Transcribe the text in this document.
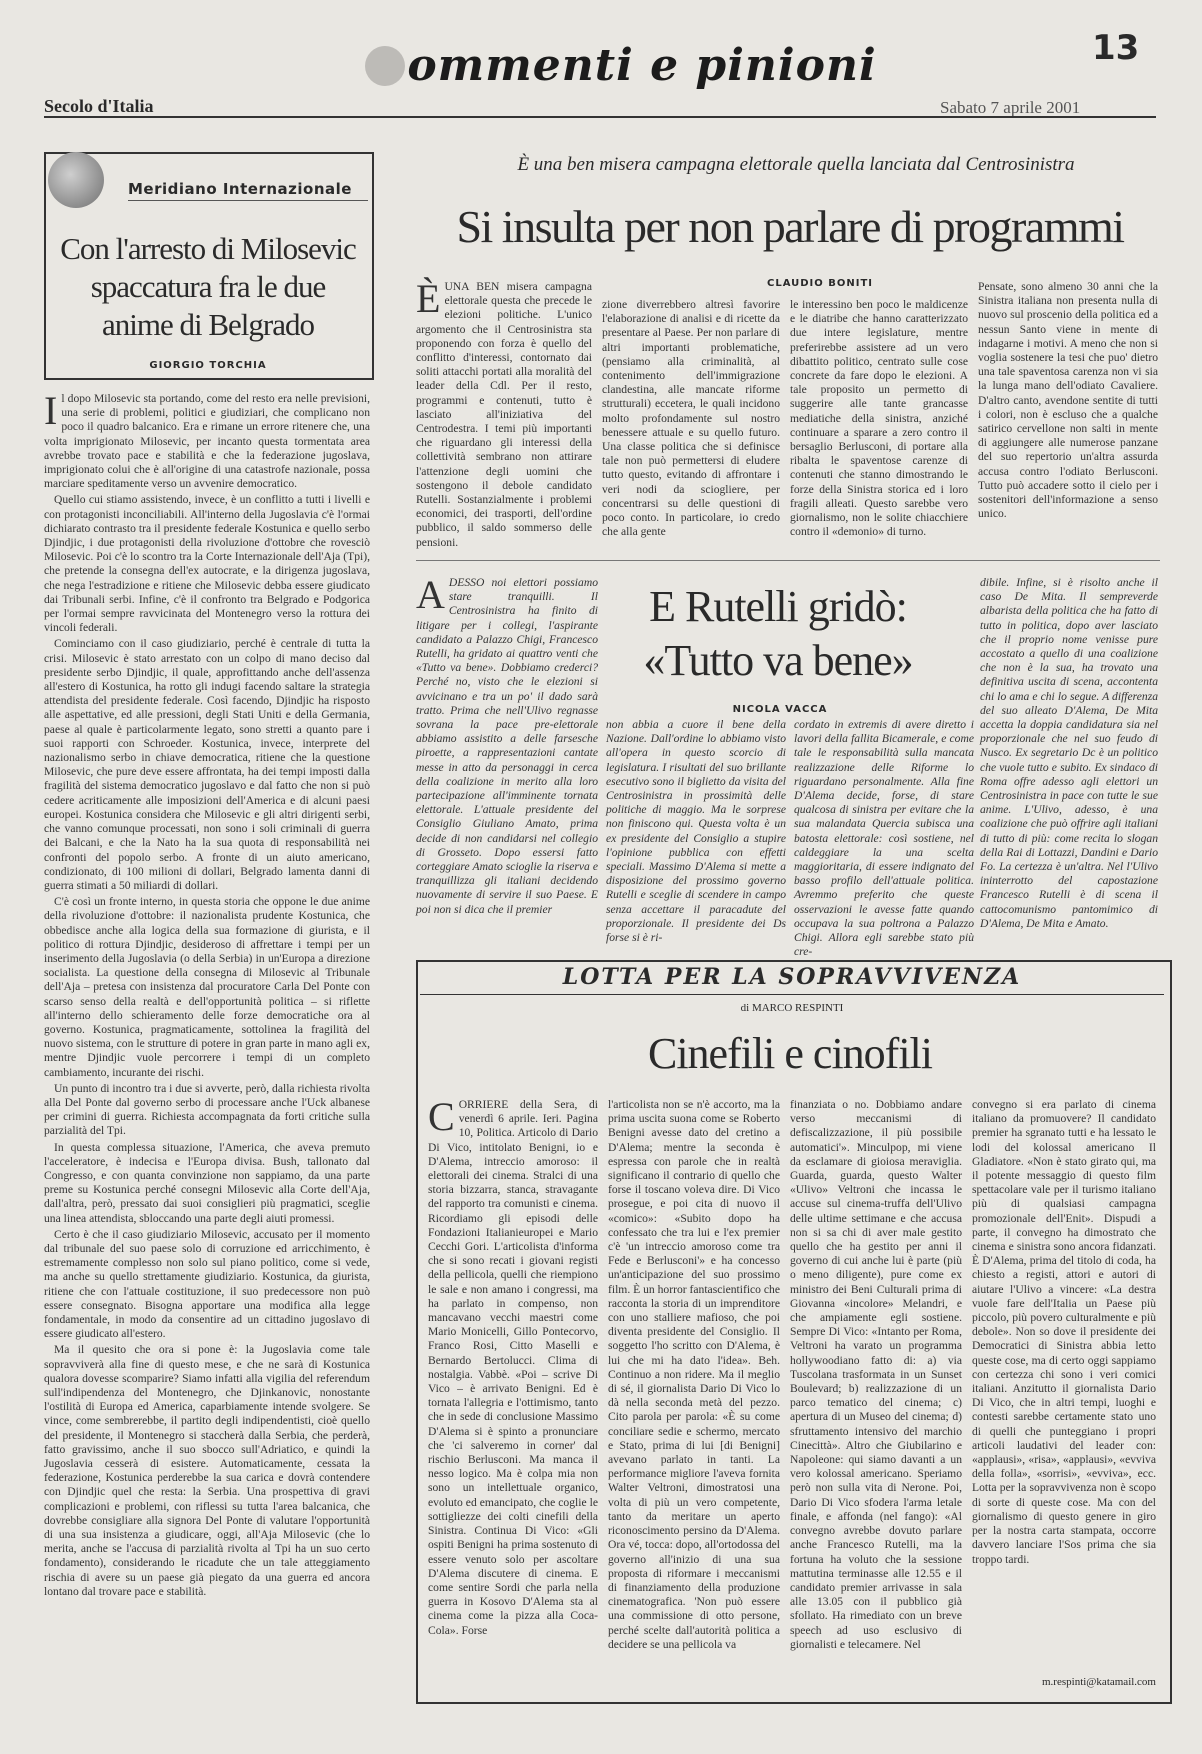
ommenti e pinioni	13
Secolo d'Italia	Sabato 7 aprile 2001
Meridiano Internazionale
Con l'arresto di Milosevic spaccatura fra le due anime di Belgrado
GIORGIO TORCHIA
I l dopo Milosevic sta portando, come del resto era nelle previsioni, una serie di problemi, politici e giudiziari, che complicano non poco il quadro balcanico. Era e rimane un errore ritenere che, una volta imprigionato Milosevic, per incanto questa tormentata area avrebbe trovato pace e stabilità e che la federazione jugoslava, imprigionato colui che è all'origine di una catastrofe nazionale, possa marciare speditamente verso un avvenire democratico.

Quello cui stiamo assistendo, invece, è un conflitto a tutti i livelli e con protagonisti inconciliabili. All'interno della Jugoslavia c'è l'ormai dichiarato contrasto tra il presidente federale Kostunica e quello serbo Djindjic, i due protagonisti della rivoluzione d'ottobre che rovesciò Milosevic. Poi c'è lo scontro tra la Corte Internazionale dell'Aja (Tpi), che pretende la consegna dell'ex autocrate, e la dirigenza jugoslava, che nega l'estradizione e ritiene che Milosevic debba essere giudicato dai Tribunali serbi. Infine, c'è il confronto tra Belgrado e Podgorica per l'ormai sempre ravvicinata del Montenegro verso la rottura dei vincoli federali.

Cominciamo con il caso giudiziario, perché è centrale di tutta la crisi. Milosevic è stato arrestato con un colpo di mano deciso dal presidente serbo Djindjic, il quale, approfittando anche dell'assenza all'estero di Kostunica, ha rotto gli indugi facendo saltare la strategia attendista del presidente federale. Così facendo, Djindjic ha risposto alle aspettative, ed alle pressioni, degli Stati Uniti e della Germania, paese al quale è particolarmente legato, sono stretti a quanto pare i suoi rapporti con Schroeder. Kostunica, invece, interprete del nazionalismo serbo in chiave democratica, ritiene che la questione Milosevic, che pure deve essere affrontata, ha dei tempi imposti dalla fragilità del sistema democratico jugoslavo e dal fatto che non si può cedere acriticamente alle imposizioni dell'America e di alcuni paesi europei. Kostunica considera che Milosevic e gli altri dirigenti serbi, che vanno comunque processati, non sono i soli criminali di guerra dei Balcani, e che la Nato ha la sua quota di responsabilità nei confronti del popolo serbo. A fronte di un aiuto americano, condizionato, di 100 milioni di dollari, Belgrado lamenta danni di guerra stimati a 50 miliardi di dollari.

C'è così un fronte interno, in questa storia che oppone le due anime della rivoluzione d'ottobre: il nazionalista prudente Kostunica, che obbedisce anche alla logica della sua formazione di giurista, e il politico di rottura Djindjic, desideroso di affrettare i tempi per un inserimento della Jugoslavia (o della Serbia) in un'Europa a direzione socialista. La questione della consegna di Milosevic al Tribunale dell'Aja – pretesa con insistenza dal procuratore Carla Del Ponte con scarso senso della realtà e dell'opportunità politica – si riflette all'interno dello schieramento delle forze democratiche ora al governo. Kostunica, pragmaticamente, sottolinea la fragilità del nuovo sistema, con le strutture di potere in gran parte in mano agli ex, mentre Djindjic vuole percorrere i tempi di un completo cambiamento, incurante dei rischi.

Un punto di incontro tra i due si avverte, però, dalla richiesta rivolta alla Del Ponte dal governo serbo di processare anche l'Uck albanese per crimini di guerra. Richiesta accompagnata da forti critiche sulla parzialità del Tpi.

In questa complessa situazione, l'America, che aveva premuto l'acceleratore, è indecisa e l'Europa divisa. Bush, tallonato dal Congresso, e con quanta convinzione non sappiamo, da una parte preme su Kostunica perché consegni Milosevic alla Corte dell'Aja, dall'altra, però, pressato dai suoi consiglieri più pragmatici, sceglie una linea attendista, sbloccando una parte degli aiuti promessi.

Certo è che il caso giudiziario Milosevic, accusato per il momento dal tribunale del suo paese solo di corruzione ed arricchimento, è estremamente complesso non solo sul piano politico, come si vede, ma anche su quello strettamente giudiziario. Kostunica, da giurista, ritiene che con l'attuale costituzione, il suo predecessore non può essere consegnato. Bisogna apportare una modifica alla legge fondamentale, in modo da consentire ad un cittadino jugoslavo di essere giudicato all'estero.

Ma il quesito che ora si pone è: la Jugoslavia come tale sopravviverà alla fine di questo mese, e che ne sarà di Kostunica qualora dovesse scomparire? Siamo infatti alla vigilia del referendum sull'indipendenza del Montenegro, che Djinkanovic, nonostante l'ostilità di Europa ed America, caparbiamente intende svolgere. Se vince, come sembrerebbe, il partito degli indipendentisti, cioè quello del presidente, il Montenegro si staccherà dalla Serbia, che perderà, fatto gravissimo, anche il suo sbocco sull'Adriatico, e quindi la Jugoslavia cesserà di esistere. Automaticamente, cessata la federazione, Kostunica perderebbe la sua carica e dovrà contendere con Djindjic quel che resta: la Serbia. Una prospettiva di gravi complicazioni e problemi, con riflessi su tutta l'area balcanica, che dovrebbe consigliare alla signora Del Ponte di valutare l'opportunità di una sua insistenza a giudicare, oggi, all'Aja Milosevic (che lo merita, anche se l'accusa di parzialità rivolta al Tpi ha un suo certo fondamento), considerando le ricadute che un tale atteggiamento rischia di avere su un paese già piegato da una guerra ed ancora lontano dal trovare pace e stabilità.

È una ben misera campagna elettorale quella lanciata dal Centrosinistra
Si insulta per non parlare di programmi
CLAUDIO BONITI
È UNA BEN misera campagna elettorale questa che precede le elezioni politiche. L'unico argomento che il Centrosinistra sta proponendo con forza è quello del conflitto d'interessi, contornato dai soliti attacchi portati alla moralità del leader della Cdl. Per il resto, programmi e contenuti, tutto è lasciato all'iniziativa del Centrodestra. I temi più importanti che riguardano gli interessi della collettività sembrano non attirare l'attenzione degli uomini che sostengono il debole candidato Rutelli. Sostanzialmente i problemi economici, dei trasporti, dell'ordine pubblico, il saldo sommerso delle pensioni.

zione diverrebbero altresì favorire l'elaborazione di analisi e di ricette da presentare al Paese. Per non parlare di altri importanti problematiche, (pensiamo alla criminalità, al contenimento dell'immigrazione clandestina, alle mancate riforme strutturali) eccetera, le quali incidono molto profondamente sul nostro benessere attuale e su quello futuro. Una classe politica che si definisce tale non può permettersi di eludere tutto questo, evitando di affrontare i veri nodi da sciogliere, per concentrarsi su delle questioni di poco conto. In particolare, io credo che alla gente

le interessino ben poco le maldicenze e le diatribe che hanno caratterizzato due intere legislature, mentre preferirebbe assistere ad un vero dibattito politico, centrato sulle cose concrete da fare dopo le elezioni. A tale proposito un permetto di suggerire alle tante grancasse mediatiche della sinistra, anziché continuare a sparare a zero contro il bersaglio Berlusconi, di portare alla ribalta le spaventose carenze di contenuti che stanno dimostrando le forze della Sinistra storica ed i loro fragili alleati. Questo sarebbe vero giornalismo, non le solite chiacchiere contro il «demonio» di turno.

Pensate, sono almeno 30 anni che la Sinistra italiana non presenta nulla di nuovo sul proscenio della politica ed a nessun Santo viene in mente di indagarne i motivi. A meno che non si voglia sostenere la tesi che puo' dietro una tale spaventosa carenza non vi sia la lunga mano dell'odiato Cavaliere. D'altro canto, avendone sentite di tutti i colori, non è escluso che a qualche satirico cervellone non salti in mente di aggiungere alle numerose panzane del suo repertorio un'altra assurda accusa contro l'odiato Berlusconi. Tutto può accadere sotto il cielo per i sostenitori dell'informazione a senso unico.

E Rutelli gridò:
«Tutto va bene»
NICOLA VACCA
A DESSO noi elettori possiamo stare tranquilli. Il Centrosinistra ha finito di litigare per i collegi, l'aspirante candidato a Palazzo Chigi, Francesco Rutelli, ha gridato ai quattro venti che «Tutto va bene». Dobbiamo crederci? Perché no, visto che le elezioni si avvicinano e tra un po' il dado sarà tratto. Prima che nell'Ulivo regnasse sovrana la pace pre-elettorale abbiamo assistito a delle farsesche piroette, a rappresentazioni cantate messe in atto da personaggi in cerca della coalizione in merito alla loro partecipazione all'imminente tornata elettorale. L'attuale presidente del Consiglio Giuliano Amato, prima decide di non candidarsi nel collegio di Grosseto. Dopo essersi fatto corteggiare Amato scioglie la riserva e tranquillizza gli italiani decidendo nuovamente di servire il suo Paese. E poi non si dica che il premier

non abbia a cuore il bene della Nazione. Dall'ordine lo abbiamo visto all'opera in questo scorcio di legislatura. I risultati del suo brillante esecutivo sono il biglietto da visita del Centrosinistra in prossimità delle politiche di maggio. Ma le sorprese non finiscono qui. Questa volta è un ex presidente del Consiglio a stupire l'opinione pubblica con effetti speciali. Massimo D'Alema si mette a disposizione del prossimo governo Rutelli e sceglie di scendere in campo senza accettare il paracadute del proporzionale. Il presidente dei Ds forse si è ri-

cordato in extremis di avere diretto i lavori della fallita Bicamerale, e come tale le responsabilità sulla mancata realizzazione delle Riforme lo riguardano personalmente. Alla fine D'Alema decide, forse, di stare qualcosa di sinistra per evitare che la sua malandata Quercia subisca una batosta elettorale: così sostiene, nel caldeggiare la una scelta maggioritaria, di essere indignato del basso profilo dell'attuale politica. Avremmo preferito che queste osservazioni le avesse fatte quando occupava la sua poltrona a Palazzo Chigi. Allora egli sarebbe stato più cre-

dibile. Infine, si è risolto anche il caso De Mita. Il sempreverde albarista della politica che ha fatto di tutto in politica, dopo aver lasciato che il proprio nome venisse pure accostato a quello di una coalizione che non è la sua, ha trovato una definitiva uscita di scena, accontenta chi lo ama e chi lo segue. A differenza del suo alleato D'Alema, De Mita accetta la doppia candidatura sia nel proporzionale che nel suo feudo di Nusco. Ex segretario Dc è un politico che vuole tutto e subito. Ex sindaco di Roma offre adesso agli elettori un Centrosinistra in pace con tutte le sue anime. L'Ulivo, adesso, è una coalizione che può offrire agli italiani di tutto di più: come recita lo slogan della Rai di Lottazzi, Dandini e Dario Fo. La certezza è un'altra. Nel l'Ulivo ininterrotto del capostazione Francesco Rutelli è di scena il cattocomunismo pantomimico di D'Alema, De Mita e Amato.

LOTTA PER LA SOPRAVVIVENZA
di MARCO RESPINTI
Cinefili e cinofili
C ORRIERE della Sera, di venerdì 6 aprile. Ieri. Pagina 10, Politica. Articolo di Dario Di Vico, intitolato Benigni, io e D'Alema, intreccio amoroso: il elettorali dei cinema. Stralci di una storia bizzarra, stanca, stravagante del rapporto tra comunisti e cinema. Ricordiamo gli episodi delle Fondazioni Italianieuropei e Mario Cecchi Gori. L'articolista d'informa che si sono recati i giovani registi della pellicola, quelli che riempiono le sale e non amano i congressi, ma ha parlato in compenso, non mancavano vecchi maestri come Mario Monicelli, Gillo Pontecorvo, Franco Rosi, Citto Maselli e Bernardo Bertolucci. Clima di nostalgia. Vabbè. «Poi – scrive Di Vico – è arrivato Benigni. Ed è tornata l'allegria e l'ottimismo, tanto che in sede di conclusione Massimo D'Alema si è spinto a pronunciare che 'ci salveremo in corner' dal rischio Berlusconi. Ma manca il nesso logico. Ma è colpa mia non sono un intellettuale organico, evoluto ed emancipato, che coglie le sottigliezze dei colti cinefili della Sinistra. Continua Di Vico: «Gli ospiti Benigni ha prima sostenuto di essere venuto solo per ascoltare D'Alema discutere di cinema. E come sentire Sordi che parla nella guerra in Kosovo D'Alema sta al cinema come la pizza alla Coca-Cola». Forse

l'articolista non se n'è accorto, ma la prima uscita suona come se Roberto Benigni avesse dato del cretino a D'Alema; mentre la seconda è espressa con parole che in realtà significano il contrario di quello che forse il toscano voleva dire. Di Vico prosegue, e poi cita di nuovo il «comico»: «Subito dopo ha confessato che tra lui e l'ex premier c'è 'un intreccio amoroso come tra Fede e Berlusconi'» e ha concesso un'anticipazione del suo prossimo film. È un horror fantascientifico che racconta la storia di un imprenditore con uno stalliere mafioso, che poi diventa presidente del Consiglio. Il soggetto l'ho scritto con D'Alema, è lui che mi ha dato l'idea». Beh. Continuo a non ridere. Ma il meglio di sé, il giornalista Dario Di Vico lo dà nella seconda metà del pezzo. Cito parola per parola: «È su come conciliare sedie e schermo, mercato e Stato, prima di lui [di Benigni] avevano parlato in tanti. La performance migliore l'aveva fornita Walter Veltroni, dimostratosi una volta di più un vero competente, tanto da meritare un aperto riconoscimento persino da D'Alema. Ora vé, tocca: dopo, all'ortodossa del governo all'inizio di una sua proposta di riformare i meccanismi di finanziamento della produzione cinematografica. 'Non può essere una commissione di otto persone, perché scelte dall'autorità politica a decidere se una pellicola va

finanziata o no. Dobbiamo andare verso meccanismi di defiscalizzazione, il più possibile automatici'». Minculpop, mi viene da esclamare di gioiosa meraviglia. Guarda, guarda, questo Walter «Ulivo» Veltroni che incassa le accuse sul cinema-truffa dell'Ulivo delle ultime settimane e che accusa non si sa chi di aver male gestito quello che ha gestito per anni il governo di cui anche lui è parte (più o meno diligente), pure come ex ministro dei Beni Culturali prima di Giovanna «incolore» Melandri, e che ampiamente egli sostiene. Sempre Di Vico: «Intanto per Roma, Veltroni ha varato un programma hollywoodiano fatto di: a) via Tuscolana trasformata in un Sunset Boulevard; b) realizzazione di un parco tematico del cinema; c) apertura di un Museo del cinema; d) sfruttamento intensivo del marchio Cinecittà». Altro che Giubilarino e Napoleone: qui siamo davanti a un vero kolossal americano. Speriamo però non sulla vita di Nerone. Poi, Dario Di Vico sfodera l'arma letale finale, e affonda (nel fango): «Al convegno avrebbe dovuto parlare anche Francesco Rutelli, ma la fortuna ha voluto che la sessione mattutina terminasse alle 12.55 e il candidato premier arrivasse in sala alle 13.05 con il pubblico già sfollato. Ha rimediato con un breve speech ad uso esclusivo di giornalisti e telecamere. Nel

convegno si era parlato di cinema italiano da promuovere? Il candidato premier ha sgranato tutti e ha lessato le lodi del kolossal americano Il Gladiatore. «Non è stato girato qui, ma il potente messaggio di questo film spettacolare vale per il turismo italiano più di qualsiasi campagna promozionale dell'Enit». Dispudi a parte, il convegno ha dimostrato che cinema e sinistra sono ancora fidanzati. È D'Alema, prima del titolo di coda, ha chiesto a registi, attori e autori di aiutare l'Ulivo a vincere: «La destra vuole fare dell'Italia un Paese più piccolo, più povero culturalmente e più debole». Non so dove il presidente dei Democratici di Sinistra abbia letto queste cose, ma di certo oggi sappiamo con certezza chi sono i veri comici italiani. Anzitutto il giornalista Dario Di Vico, che in altri tempi, luoghi e contesti sarebbe certamente stato uno di quelli che punteggiano i propri articoli laudativi del leader con: «applausi», «risa», «applausi», «evviva della folla», «sorrisi», «evviva», ecc. Lotta per la sopravvivenza non è scopo di sorte di queste cose. Ma con del giornalismo di questo genere in giro per la nostra carta stampata, occorre davvero lanciare l'Sos prima che sia troppo tardi.

m.respinti@katamail.com
